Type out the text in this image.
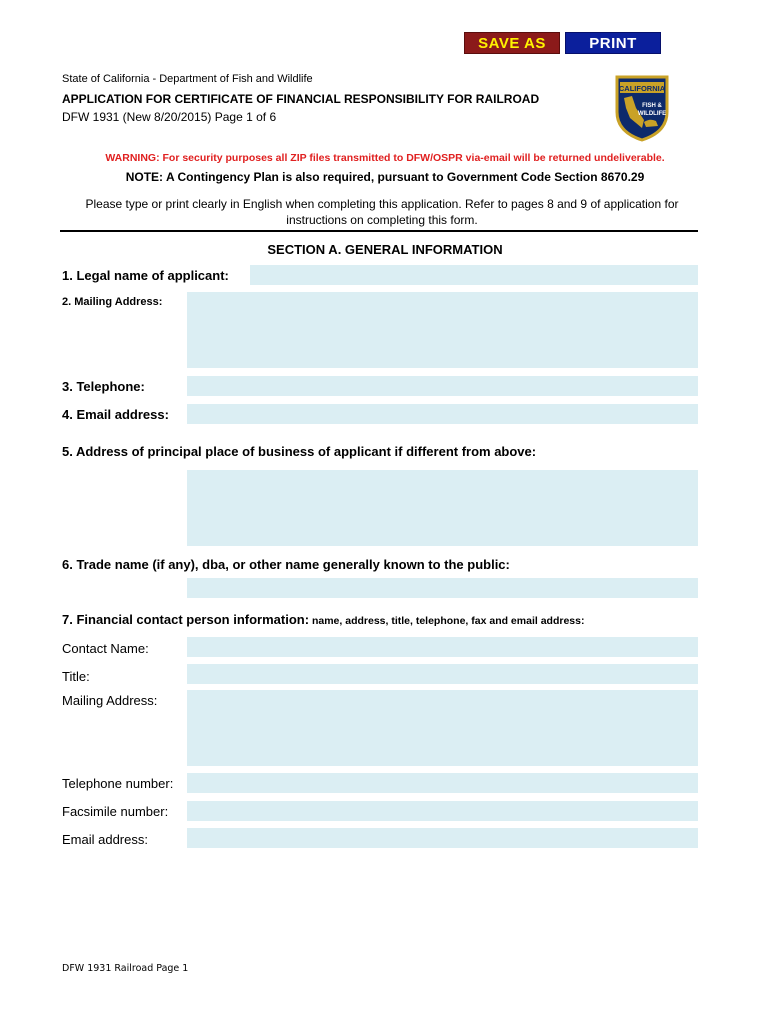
SAVE AS	PRINT
State of California - Department of Fish and Wildlife
APPLICATION FOR CERTIFICATE OF FINANCIAL RESPONSIBILITY FOR RAILROAD
DFW 1931 (New 8/20/2015) Page 1 of 6
CALIFORNIA
FISH &
WILDLIFE
WARNING: For security purposes all ZIP files transmitted to DFW/OSPR via-email will be returned undeliverable.
NOTE: A Contingency Plan is also required, pursuant to Government Code Section 8670.29
Please type or print clearly in English when completing this application. Refer to pages 8 and 9 of application for instructions on completing this form.
SECTION A. GENERAL INFORMATION
1. Legal name of applicant:
2. Mailing Address:
3. Telephone:
4. Email address:
5. Address of principal place of business of applicant if different from above:
6. Trade name (if any), dba, or other name generally known to the public:
7. Financial contact person information: name, address, title, telephone, fax and email address:
Contact Name:
Title:
Mailing Address:
Telephone number:
Facsimile number:
Email address:
DFW 1931 Railroad Page 1
